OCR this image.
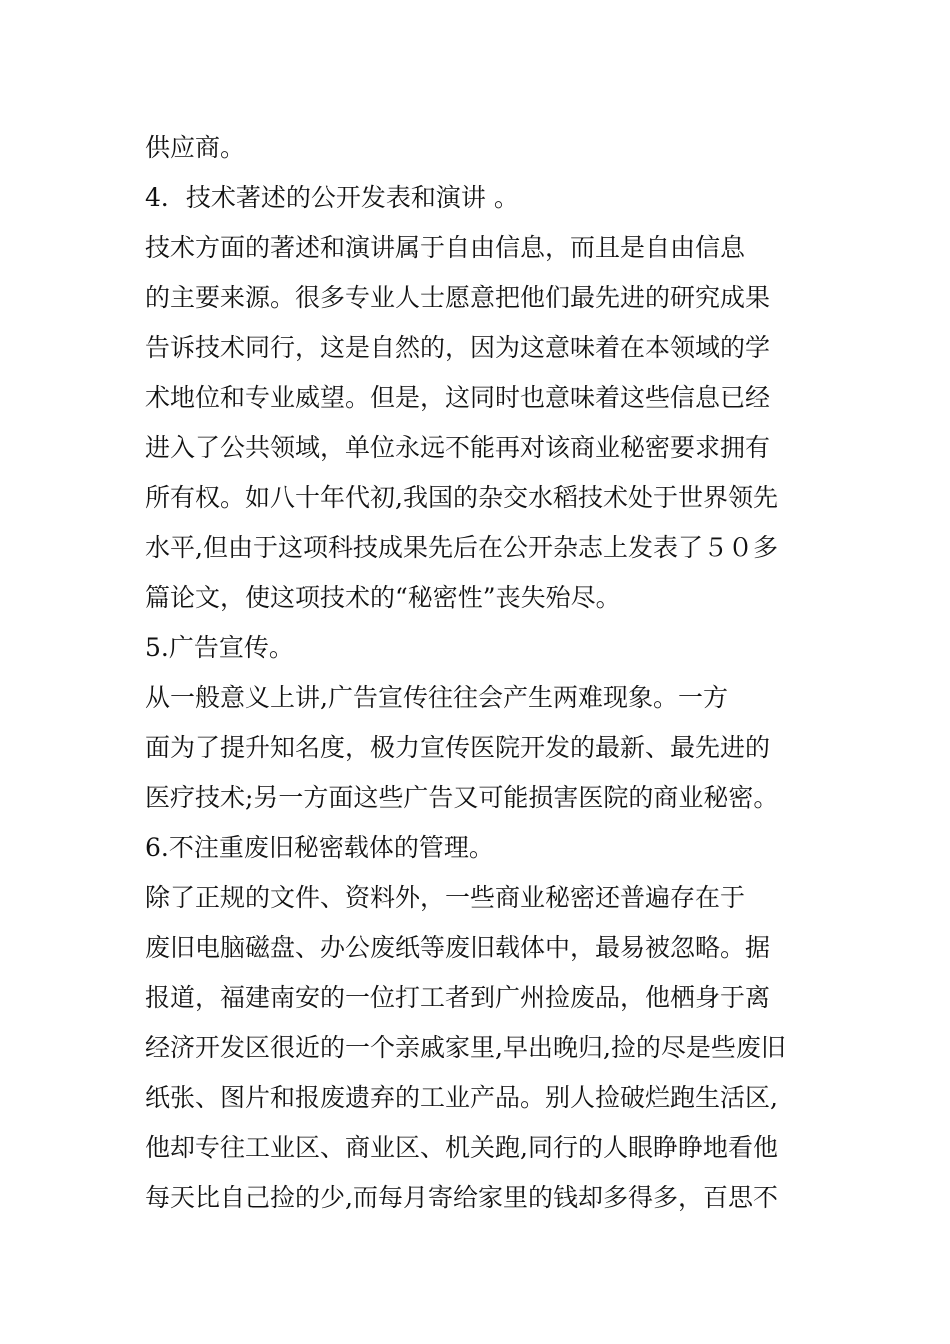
供应商。
4．技术著述的公开发表和演讲 。
技术方面的著述和演讲属于自由信息，而且是自由信息
的主要来源。很多专业人士愿意把他们最先进的研究成果
告诉技术同行，这是自然的，因为这意味着在本领域的学
术地位和专业威望。但是，这同时也意味着这些信息已经
进入了公共领域，单位永远不能再对该商业秘密要求拥有
所有权。如八十年代初,我国的杂交水稻技术处于世界领先
水平,但由于这项科技成果先后在公开杂志上发表了５０多
篇论文，使这项技术的“秘密性”丧失殆尽。
5.广告宣传。
从一般意义上讲,广告宣传往往会产生两难现象。一方
面为了提升知名度，极力宣传医院开发的最新、最先进的
医疗技术;另一方面这些广告又可能损害医院的商业秘密。
6.不注重废旧秘密载体的管理。
除了正规的文件、资料外，一些商业秘密还普遍存在于
废旧电脑磁盘、办公废纸等废旧载体中，最易被忽略。据
报道，福建南安的一位打工者到广州捡废品，他栖身于离
经济开发区很近的一个亲戚家里,早出晚归,捡的尽是些废旧
纸张、图片和报废遗弃的工业产品。别人捡破烂跑生活区,
他却专往工业区、商业区、机关跑,同行的人眼睁睁地看他
每天比自己捡的少,而每月寄给家里的钱却多得多，百思不
